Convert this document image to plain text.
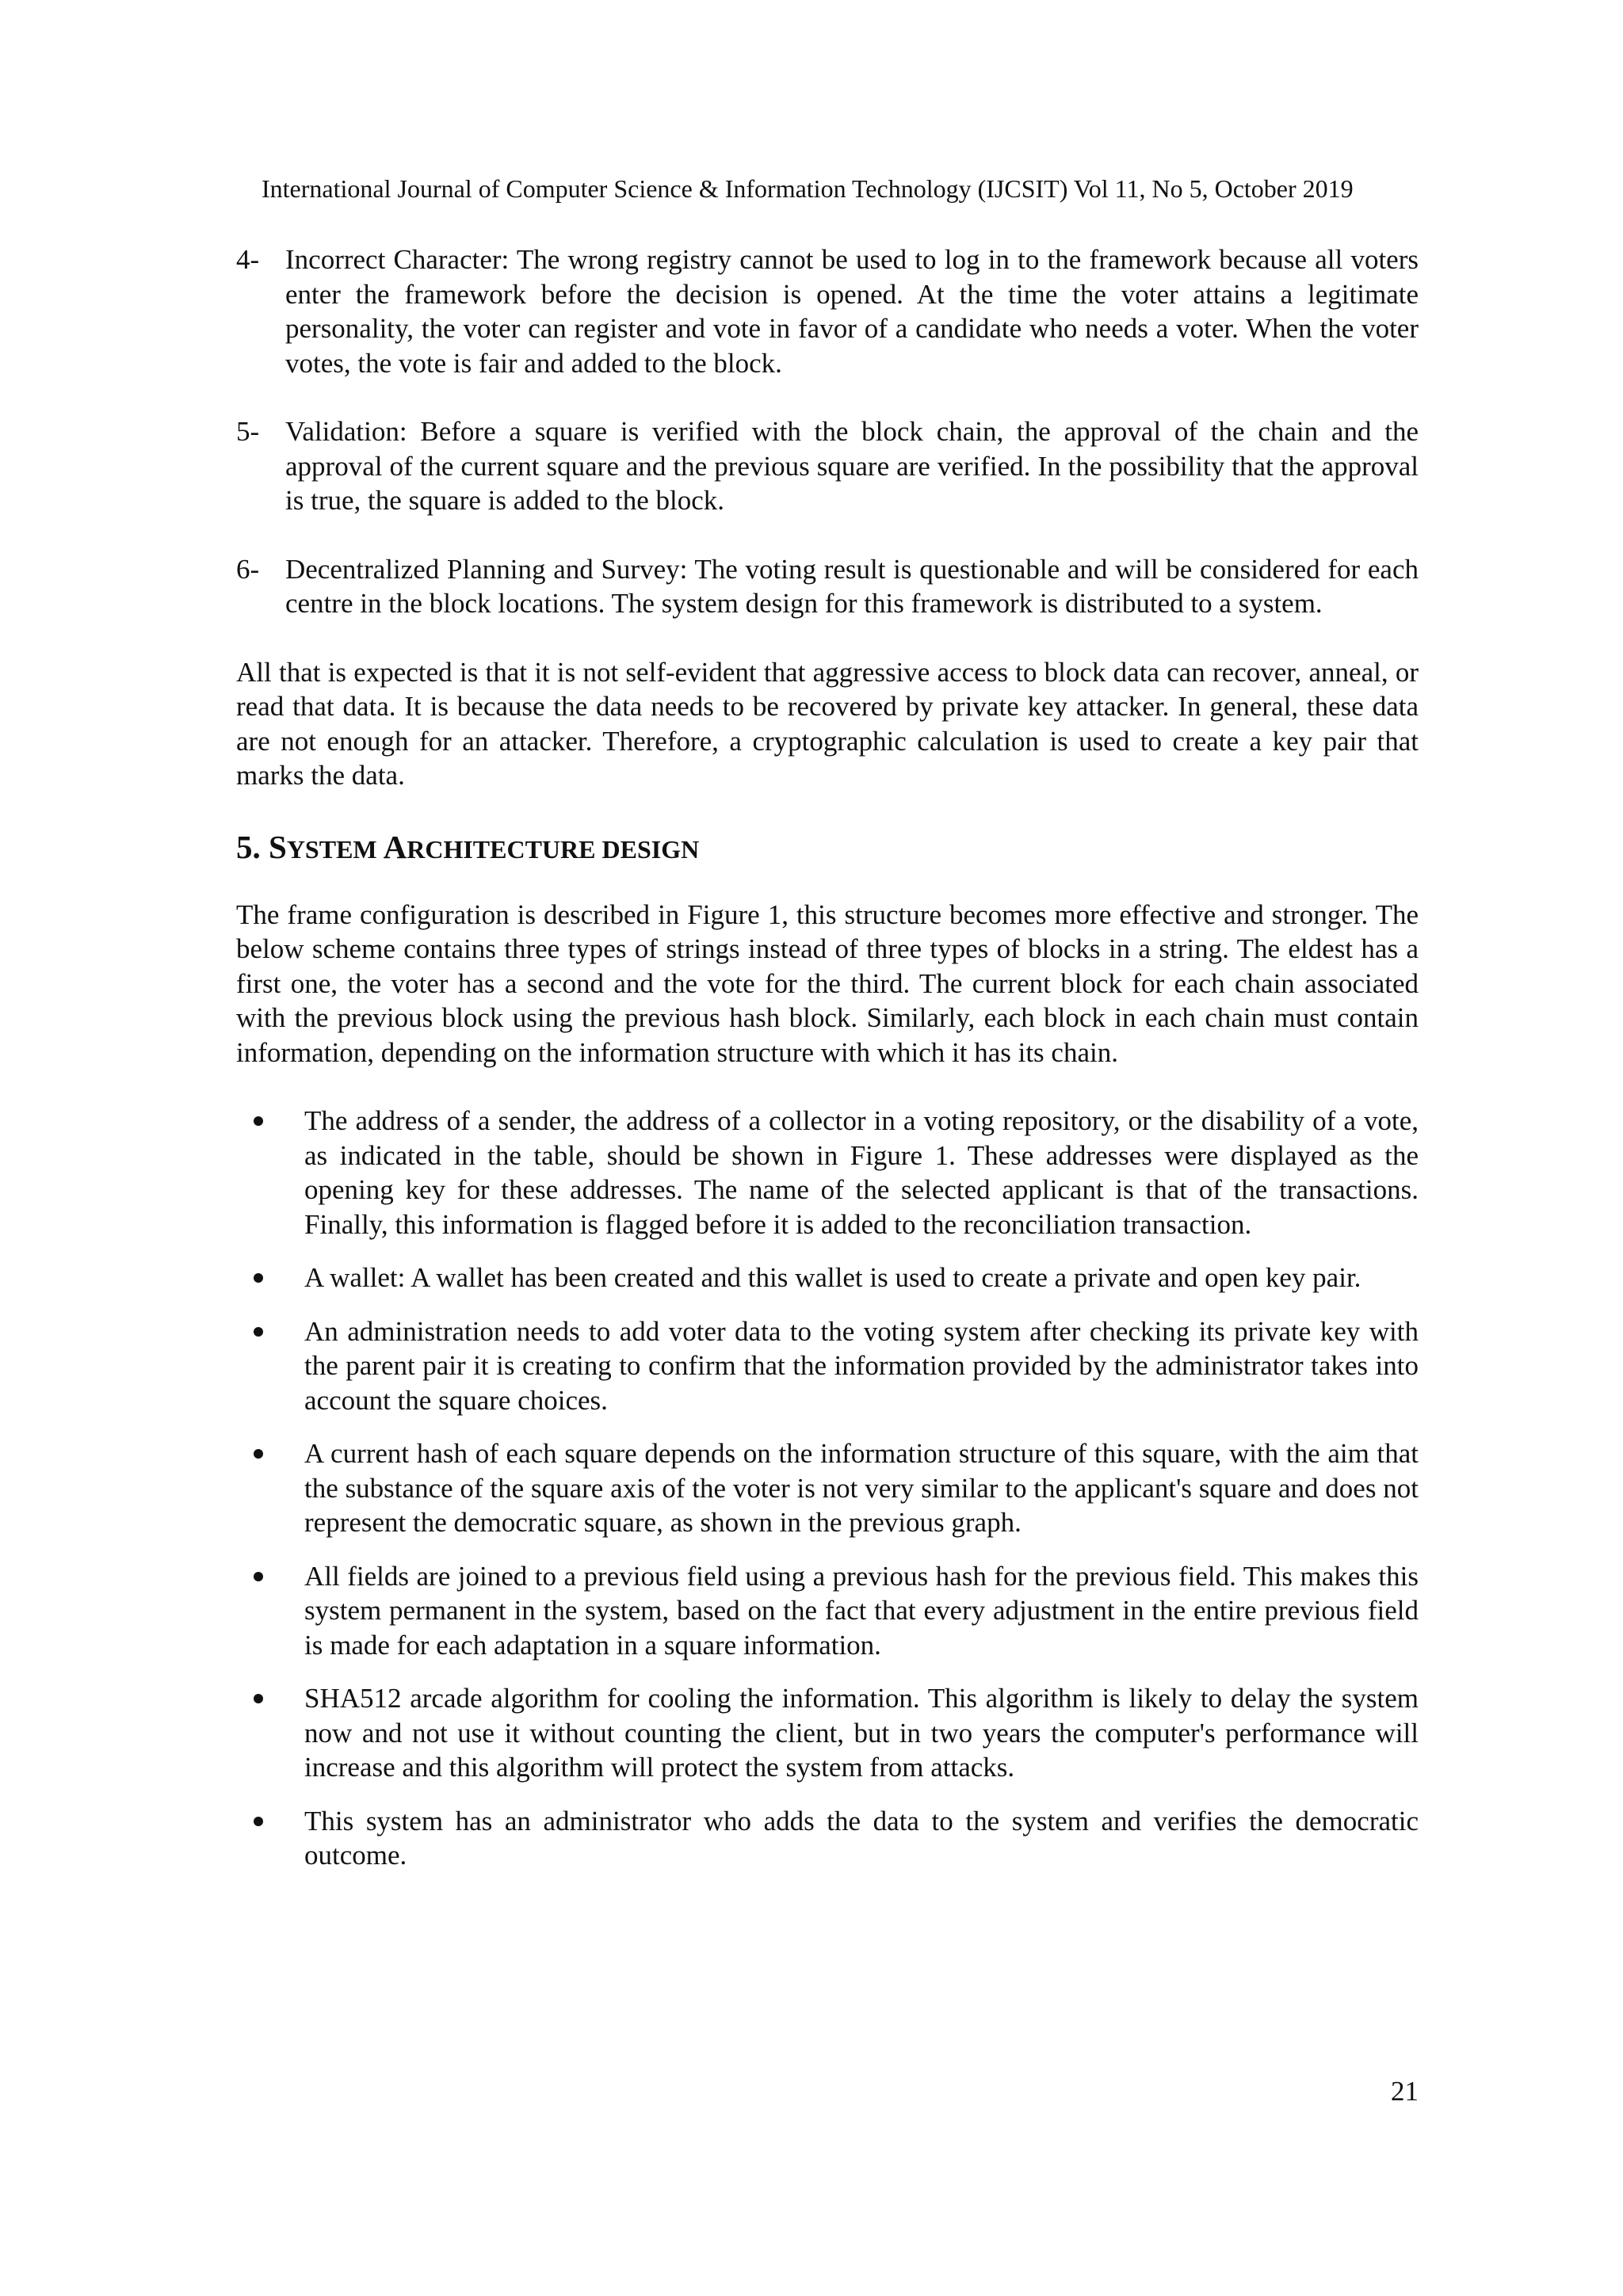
International Journal of Computer Science & Information Technology (IJCSIT) Vol 11, No 5, October 2019
4- Incorrect Character: The wrong registry cannot be used to log in to the framework because all voters enter the framework before the decision is opened. At the time the voter attains a legitimate personality, the voter can register and vote in favor of a candidate who needs a voter. When the voter votes, the vote is fair and added to the block.
5- Validation: Before a square is verified with the block chain, the approval of the chain and the approval of the current square and the previous square are verified. In the possibility that the approval is true, the square is added to the block.
6- Decentralized Planning and Survey: The voting result is questionable and will be considered for each centre in the block locations. The system design for this framework is distributed to a system.

All that is expected is that it is not self-evident that aggressive access to block data can recover, anneal, or read that data. It is because the data needs to be recovered by private key attacker. In general, these data are not enough for an attacker. Therefore, a cryptographic calculation is used to create a key pair that marks the data.

5. SYSTEM ARCHITECTURE DESIGN

The frame configuration is described in Figure 1, this structure becomes more effective and stronger. The below scheme contains three types of strings instead of three types of blocks in a string. The eldest has a first one, the voter has a second and the vote for the third. The current block for each chain associated with the previous block using the previous hash block. Similarly, each block in each chain must contain information, depending on the information structure with which it has its chain.

The address of a sender, the address of a collector in a voting repository, or the disability of a vote, as indicated in the table, should be shown in Figure 1. These addresses were displayed as the opening key for these addresses. The name of the selected applicant is that of the transactions. Finally, this information is flagged before it is added to the reconciliation transaction.
A wallet: A wallet has been created and this wallet is used to create a private and open key pair.
An administration needs to add voter data to the voting system after checking its private key with the parent pair it is creating to confirm that the information provided by the administrator takes into account the square choices.
A current hash of each square depends on the information structure of this square, with the aim that the substance of the square axis of the voter is not very similar to the applicant's square and does not represent the democratic square, as shown in the previous graph.
All fields are joined to a previous field using a previous hash for the previous field. This makes this system permanent in the system, based on the fact that every adjustment in the entire previous field is made for each adaptation in a square information.
SHA512 arcade algorithm for cooling the information. This algorithm is likely to delay the system now and not use it without counting the client, but in two years the computer's performance will increase and this algorithm will protect the system from attacks.
This system has an administrator who adds the data to the system and verifies the democratic outcome.
21
